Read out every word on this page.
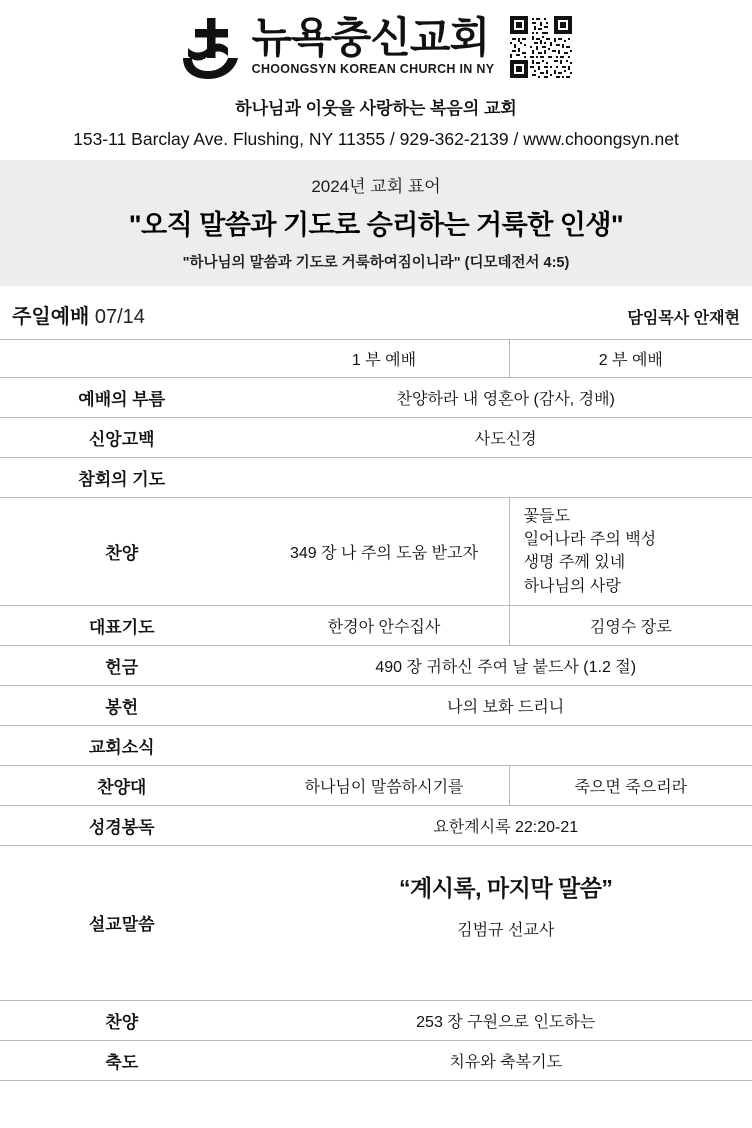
뉴욕충신교회
CHOONGSYN KOREAN CHURCH IN NY
하나님과 이웃을 사랑하는 복음의 교회
153-11 Barclay Ave. Flushing, NY 11355 / 929-362-2139 / www.choongsyn.net
2024년 교회 표어
"오직 말씀과 기도로 승리하는 거룩한 인생"
"하나님의 말씀과 기도로 거룩하여짐이니라" (디모데전서 4:5)
주일예배 07/14	담임목사 안재현
	1 부 예배	2 부 예배
예배의 부름	찬양하라 내 영혼아 (감사, 경배)	
신앙고백	사도신경	
참회의 기도		
찬양	349 장 나 주의 도움 받고자	꽃들도
일어나라 주의 백성
생명 주께 있네
하나님의 사랑

대표기도	한경아 안수집사	김영수 장로
헌금	490 장 귀하신 주여 날 붙드사 (1.2 절)	
봉헌	나의 보화 드리니	
교회소식		
찬양대	하나님이 말씀하시기를	죽으면 죽으리라
성경봉독	요한계시록 22:20-21	
설교말씀	“계시록, 마지막 말씀”
김범규 선교사	

찬양	253 장 구원으로 인도하는	
축도	치유와 축복기도	
